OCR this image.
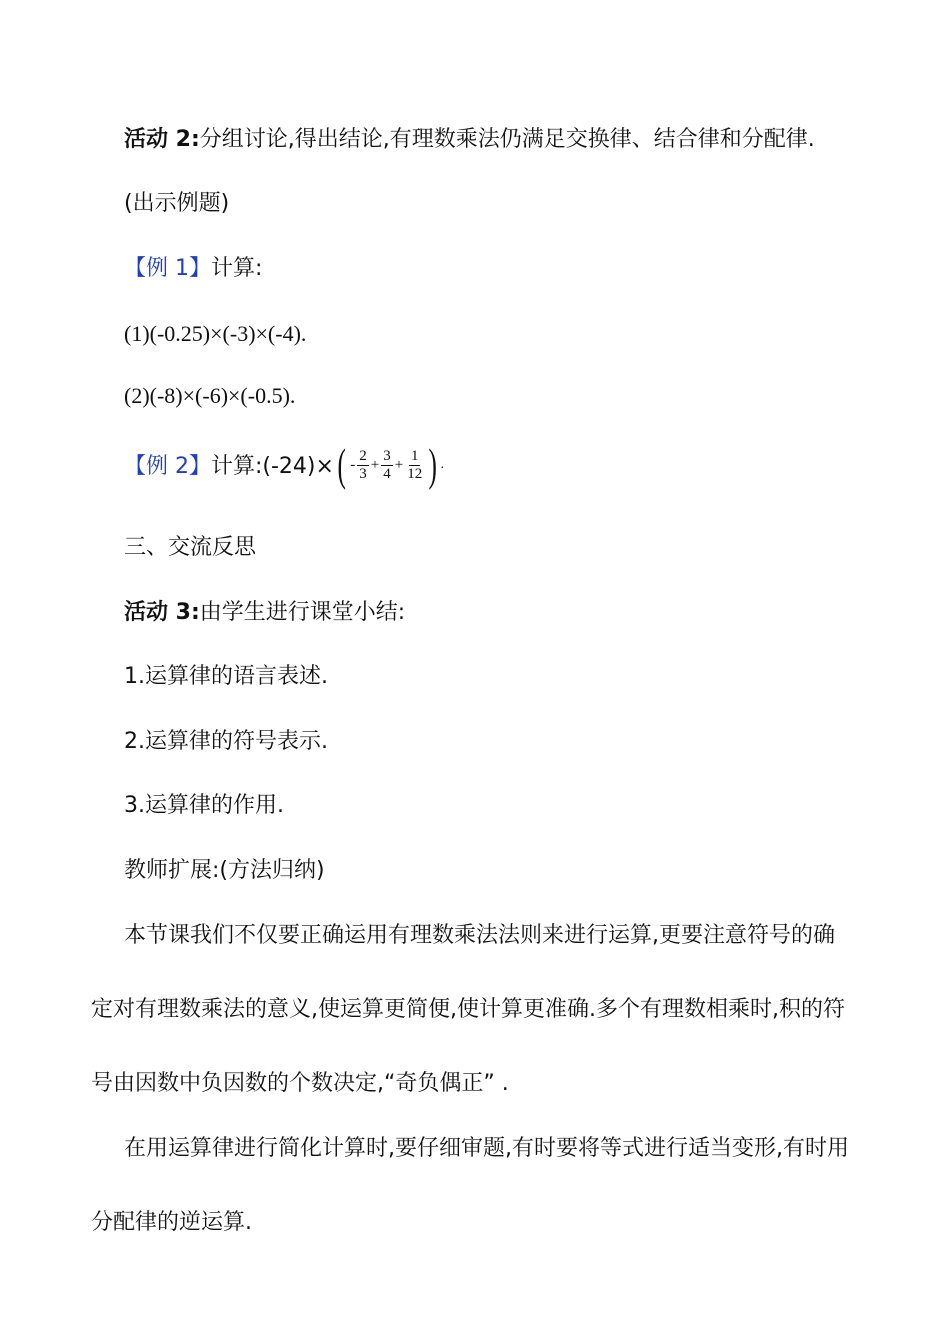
活动 2:分组讨论,得出结论,有理数乘法仍满足交换律、结合律和分配律.
(出示例题)
【例 1】计算:
(1)(-0.25)×(-3)×(-4).
(2)(-8)×(-6)×(-0.5).
【例 2】计算:(-24)× ( - $\frac{2}{3} + \frac{3}{4} + \frac{1}{12}$ ) .
三、交流反思
活动 3:由学生进行课堂小结:
1.运算律的语言表述.
2.运算律的符号表示.
3.运算律的作用.
教师扩展:(方法归纳)
本节课我们不仅要正确运用有理数乘法法则来进行运算,更要注意符号的确
定对有理数乘法的意义,使运算更简便,使计算更准确.多个有理数相乘时,积的符
号由因数中负因数的个数决定,“奇负偶正” .
在用运算律进行简化计算时,要仔细审题,有时要将等式进行适当变形,有时用
分配律的逆运算.
